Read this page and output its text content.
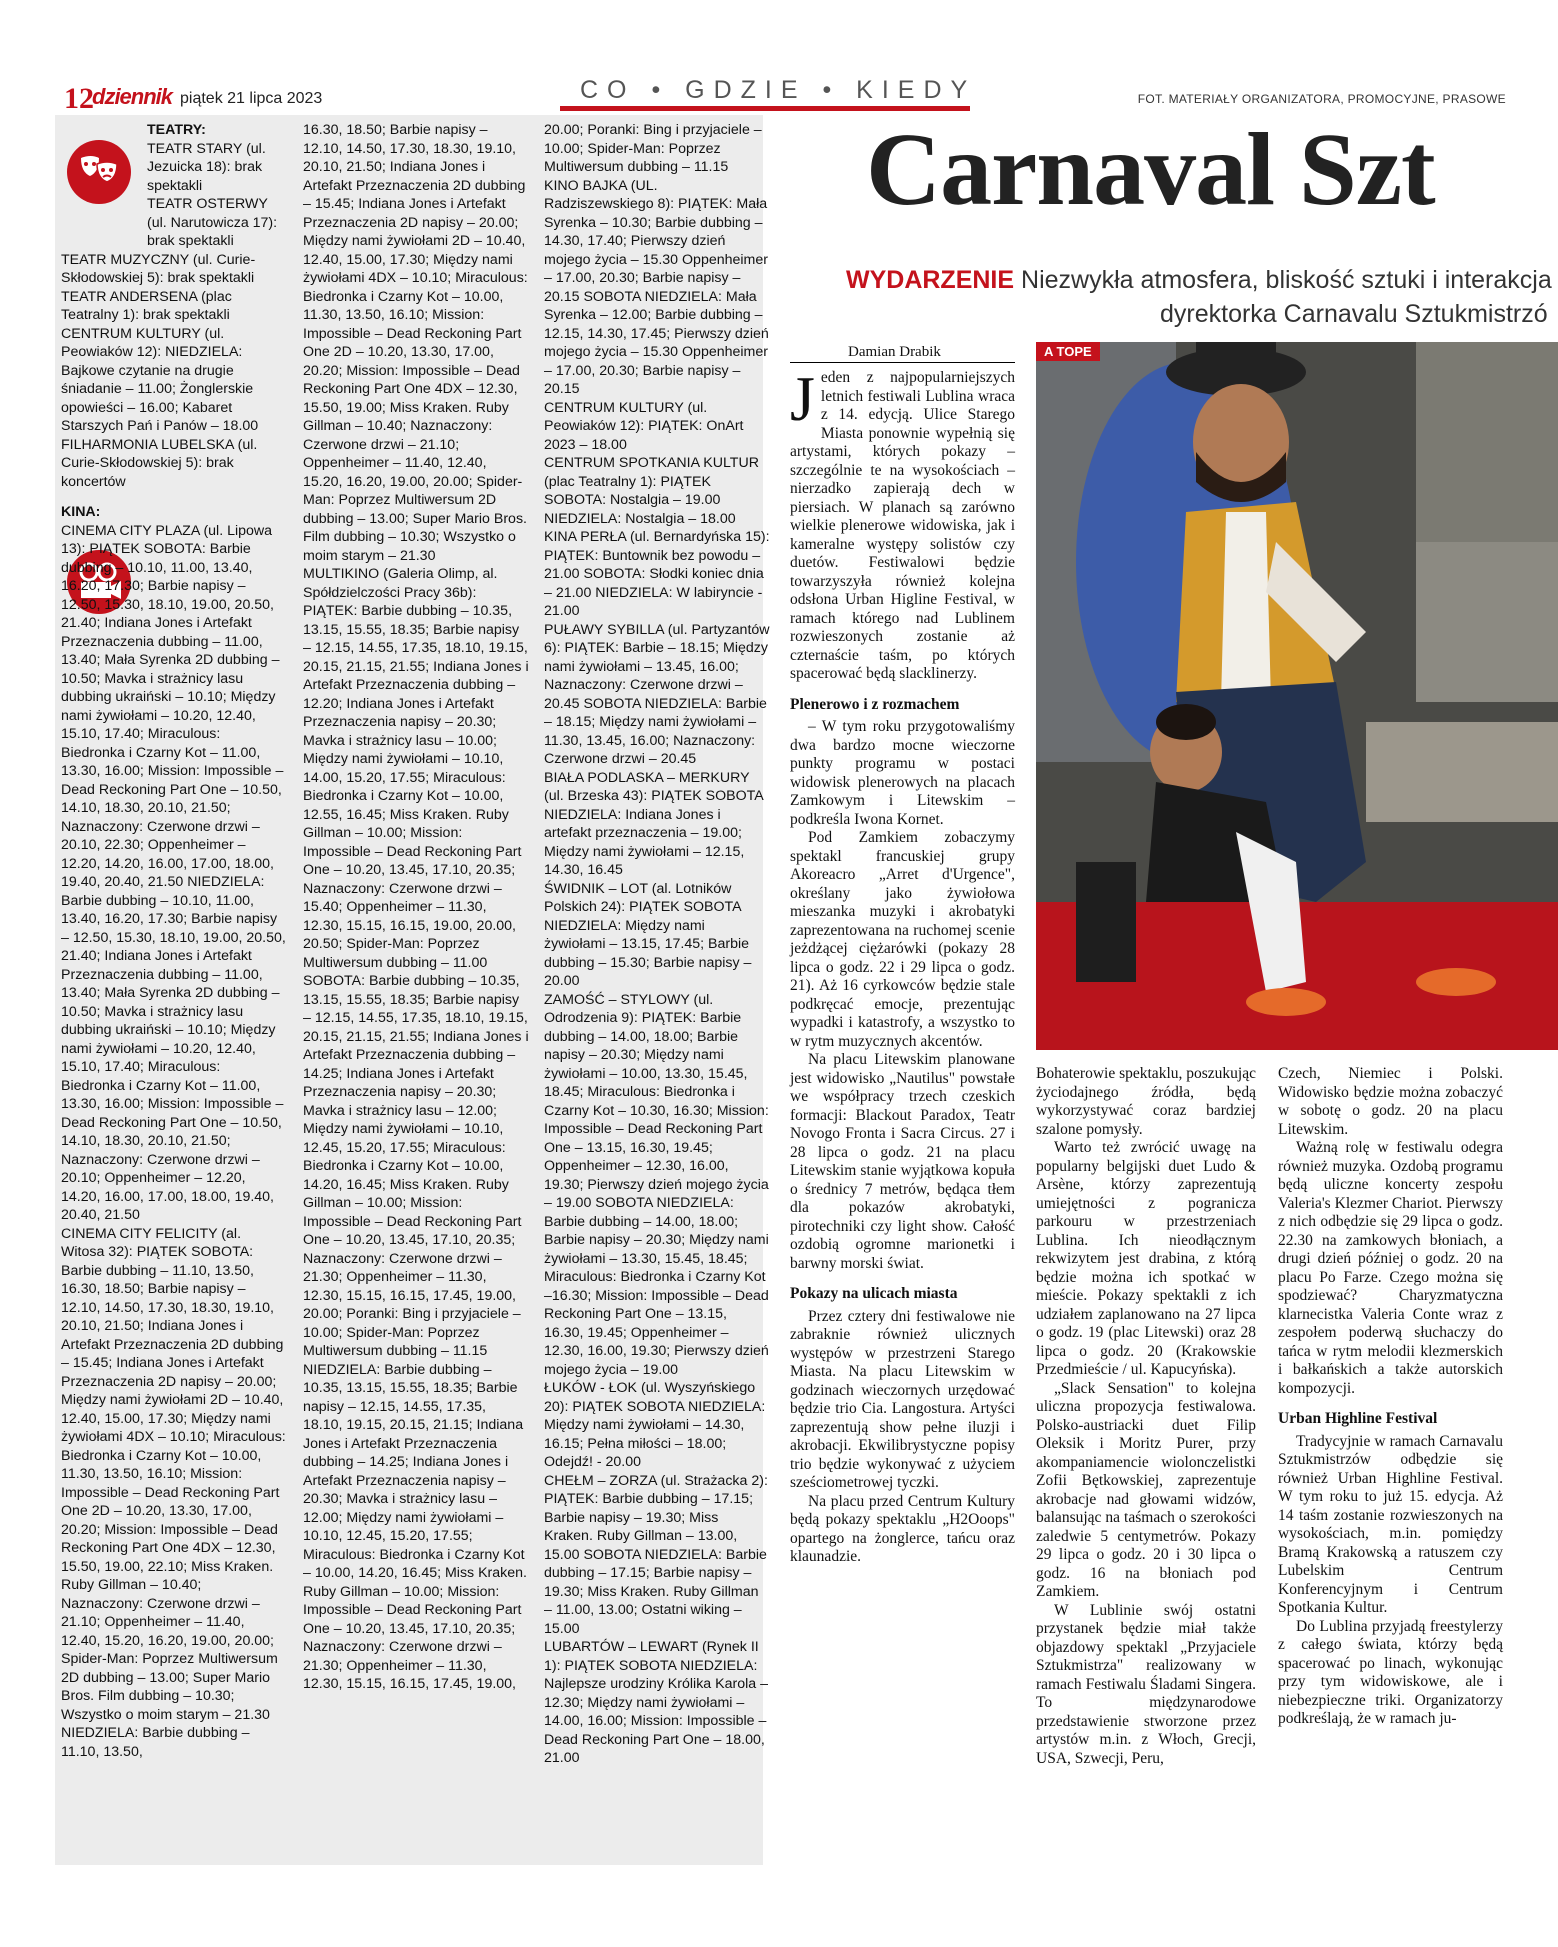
12
dziennik piątek 21 lipca 2023	CO • GDZIE • KIEDY	FOT. MATERIAŁY ORGANIZATORA, PROMOCYJNE, PRASOWE

TEATRY:

TEATR STARY (ul. Jezuicka 18): brak spektakli

TEATR OSTERWY (ul. Narutowicza 17): brak spektakli

TEATR MUZYCZNY (ul. Curie-Skłodowskiej 5): brak spektakli

TEATR ANDERSENA (plac Teatralny 1): brak spektakli

CENTRUM KULTURY (ul. Peowiaków 12): NIEDZIELA: Bajkowe czytanie na drugie śniadanie – 11.00; Żonglerskie opowieści – 16.00; Kabaret Starszych Pań i Panów – 18.00

FILHARMONIA LUBELSKA (ul. Curie-Skłodowskiej 5): brak koncertów

KINA:

CINEMA CITY PLAZA (ul. Lipowa 13): PIĄTEK SOBOTA: Barbie dubbing – 10.10, 11.00, 13.40, 16.20, 17.30; Barbie napisy – 12.50, 15.30, 18.10, 19.00, 20.50, 21.40; Indiana Jones i Artefakt Przeznaczenia dubbing – 11.00, 13.40; Mała Syrenka 2D dubbing – 10.50; Mavka i strażnicy lasu dubbing ukraiński – 10.10; Między nami żywiołami – 10.20, 12.40, 15.10, 17.40; Miraculous: Biedronka i Czarny Kot – 11.00, 13.30, 16.00; Mission: Impossible – Dead Reckoning Part One – 10.50, 14.10, 18.30, 20.10, 21.50; Naznaczony: Czerwone drzwi – 20.10, 22.30; Oppenheimer – 12.20, 14.20, 16.00, 17.00, 18.00, 19.40, 20.40, 21.50 NIEDZIELA: Barbie dubbing – 10.10, 11.00, 13.40, 16.20, 17.30; Barbie napisy – 12.50, 15.30, 18.10, 19.00, 20.50, 21.40; Indiana Jones i Artefakt Przeznaczenia dubbing – 11.00, 13.40; Mała Syrenka 2D dubbing – 10.50; Mavka i strażnicy lasu dubbing ukraiński – 10.10; Między nami żywiołami – 10.20, 12.40, 15.10, 17.40; Miraculous: Biedronka i Czarny Kot – 11.00, 13.30, 16.00; Mission: Impossible – Dead Reckoning Part One – 10.50, 14.10, 18.30, 20.10, 21.50; Naznaczony: Czerwone drzwi – 20.10; Oppenheimer – 12.20, 14.20, 16.00, 17.00, 18.00, 19.40, 20.40, 21.50

CINEMA CITY FELICITY (al. Witosa 32): PIĄTEK SOBOTA: Barbie dubbing – 11.10, 13.50, 16.30, 18.50; Barbie napisy – 12.10, 14.50, 17.30, 18.30, 19.10, 20.10, 21.50; Indiana Jones i Artefakt Przeznaczenia 2D dubbing – 15.45; Indiana Jones i Artefakt Przeznaczenia 2D napisy – 20.00; Między nami żywiołami 2D – 10.40, 12.40, 15.00, 17.30; Między nami żywiołami 4DX – 10.10; Miraculous: Biedronka i Czarny Kot – 10.00, 11.30, 13.50, 16.10; Mission: Impossible – Dead Reckoning Part One 2D – 10.20, 13.30, 17.00, 20.20; Mission: Impossible – Dead Reckoning Part One 4DX – 12.30, 15.50, 19.00, 22.10; Miss Kraken. Ruby Gillman – 10.40; Naznaczony: Czerwone drzwi – 21.10; Oppenheimer – 11.40, 12.40, 15.20, 16.20, 19.00, 20.00; Spider-Man: Poprzez Multiwersum 2D dubbing – 13.00; Super Mario Bros. Film dubbing – 10.30; Wszystko o moim starym – 21.30 NIEDZIELA: Barbie dubbing – 11.10, 13.50,

16.30, 18.50; Barbie napisy – 12.10, 14.50, 17.30, 18.30, 19.10, 20.10, 21.50; Indiana Jones i Artefakt Przeznaczenia 2D dubbing – 15.45; Indiana Jones i Artefakt Przeznaczenia 2D napisy – 20.00; Między nami żywiołami 2D – 10.40, 12.40, 15.00, 17.30; Między nami żywiołami 4DX – 10.10; Miraculous: Biedronka i Czarny Kot – 10.00, 11.30, 13.50, 16.10; Mission: Impossible – Dead Reckoning Part One 2D – 10.20, 13.30, 17.00, 20.20; Mission: Impossible – Dead Reckoning Part One 4DX – 12.30, 15.50, 19.00; Miss Kraken. Ruby Gillman – 10.40; Naznaczony: Czerwone drzwi – 21.10; Oppenheimer – 11.40, 12.40, 15.20, 16.20, 19.00, 20.00; Spider-Man: Poprzez Multiwersum 2D dubbing – 13.00; Super Mario Bros. Film dubbing – 10.30; Wszystko o moim starym – 21.30

MULTIKINO (Galeria Olimp, al. Spółdzielczości Pracy 36b): PIĄTEK: Barbie dubbing – 10.35, 13.15, 15.55, 18.35; Barbie napisy – 12.15, 14.55, 17.35, 18.10, 19.15, 20.15, 21.15, 21.55; Indiana Jones i Artefakt Przeznaczenia dubbing – 12.20; Indiana Jones i Artefakt Przeznaczenia napisy – 20.30; Mavka i strażnicy lasu – 10.00; Między nami żywiołami – 10.10, 14.00, 15.20, 17.55; Miraculous: Biedronka i Czarny Kot – 10.00, 12.55, 16.45; Miss Kraken. Ruby Gillman – 10.00; Mission: Impossible – Dead Reckoning Part One – 10.20, 13.45, 17.10, 20.35; Naznaczony: Czerwone drzwi – 15.40; Oppenheimer – 11.30, 12.30, 15.15, 16.15, 19.00, 20.00, 20.50; Spider-Man: Poprzez Multiwersum dubbing – 11.00 SOBOTA: Barbie dubbing – 10.35, 13.15, 15.55, 18.35; Barbie napisy – 12.15, 14.55, 17.35, 18.10, 19.15, 20.15, 21.15, 21.55; Indiana Jones i Artefakt Przeznaczenia dubbing – 14.25; Indiana Jones i Artefakt Przeznaczenia napisy – 20.30; Mavka i strażnicy lasu – 12.00; Między nami żywiołami – 10.10, 12.45, 15.20, 17.55; Miraculous: Biedronka i Czarny Kot – 10.00, 14.20, 16.45; Miss Kraken. Ruby Gillman – 10.00; Mission: Impossible – Dead Reckoning Part One – 10.20, 13.45, 17.10, 20.35; Naznaczony: Czerwone drzwi – 21.30; Oppenheimer – 11.30, 12.30, 15.15, 16.15, 17.45, 19.00, 20.00; Poranki: Bing i przyjaciele – 10.00; Spider-Man: Poprzez Multiwersum dubbing – 11.15 NIEDZIELA: Barbie dubbing – 10.35, 13.15, 15.55, 18.35; Barbie napisy – 12.15, 14.55, 17.35, 18.10, 19.15, 20.15, 21.15; Indiana Jones i Artefakt Przeznaczenia dubbing – 14.25; Indiana Jones i Artefakt Przeznaczenia napisy – 20.30; Mavka i strażnicy lasu – 12.00; Między nami żywiołami – 10.10, 12.45, 15.20, 17.55; Miraculous: Biedronka i Czarny Kot – 10.00, 14.20, 16.45; Miss Kraken. Ruby Gillman – 10.00; Mission: Impossible – Dead Reckoning Part One – 10.20, 13.45, 17.10, 20.35; Naznaczony: Czerwone drzwi – 21.30; Oppenheimer – 11.30, 12.30, 15.15, 16.15, 17.45, 19.00,

20.00; Poranki: Bing i przyjaciele – 10.00; Spider-Man: Poprzez Multiwersum dubbing – 11.15

KINO BAJKA (UL. Radziszewskiego 8): PIĄTEK: Mała Syrenka – 10.30; Barbie dubbing – 14.30, 17.40; Pierwszy dzień mojego życia – 15.30 Oppenheimer – 17.00, 20.30; Barbie napisy – 20.15 SOBOTA NIEDZIELA: Mała Syrenka – 12.00; Barbie dubbing – 12.15, 14.30, 17.45; Pierwszy dzień mojego życia – 15.30 Oppenheimer – 17.00, 20.30; Barbie napisy – 20.15

CENTRUM KULTURY (ul. Peowiaków 12): PIĄTEK: OnArt 2023 – 18.00

CENTRUM SPOTKANIA KULTUR (plac Teatralny 1): PIĄTEK SOBOTA: Nostalgia – 19.00 NIEDZIELA: Nostalgia – 18.00

KINA PERŁA (ul. Bernardyńska 15): PIĄTEK: Buntownik bez powodu – 21.00 SOBOTA: Słodki koniec dnia – 21.00 NIEDZIELA: W labiryncie - 21.00

PUŁAWY SYBILLA (ul. Partyzantów 6): PIĄTEK: Barbie – 18.15; Między nami żywiołami – 13.45, 16.00; Naznaczony: Czerwone drzwi – 20.45 SOBOTA NIEDZIELA: Barbie – 18.15; Między nami żywiołami – 11.30, 13.45, 16.00; Naznaczony: Czerwone drzwi – 20.45

BIAŁA PODLASKA – MERKURY (ul. Brzeska 43): PIĄTEK SOBOTA NIEDZIELA: Indiana Jones i artefakt przeznaczenia – 19.00; Między nami żywiołami – 12.15, 14.30, 16.45

ŚWIDNIK – LOT (al. Lotników Polskich 24): PIĄTEK SOBOTA NIEDZIELA: Między nami żywiołami – 13.15, 17.45; Barbie dubbing – 15.30; Barbie napisy – 20.00

ZAMOŚĆ – STYLOWY (ul. Odrodzenia 9): PIĄTEK: Barbie dubbing – 14.00, 18.00; Barbie napisy – 20.30; Między nami żywiołami – 10.00, 13.30, 15.45, 18.45; Miraculous: Biedronka i Czarny Kot – 10.30, 16.30; Mission: Impossible – Dead Reckoning Part One – 13.15, 16.30, 19.45; Oppenheimer – 12.30, 16.00, 19.30; Pierwszy dzień mojego życia – 19.00 SOBOTA NIEDZIELA: Barbie dubbing – 14.00, 18.00; Barbie napisy – 20.30; Między nami żywiołami – 13.30, 15.45, 18.45; Miraculous: Biedronka i Czarny Kot –16.30; Mission: Impossible – Dead Reckoning Part One – 13.15, 16.30, 19.45; Oppenheimer – 12.30, 16.00, 19.30; Pierwszy dzień mojego życia – 19.00

ŁUKÓW - ŁOK (ul. Wyszyńskiego 20): PIĄTEK SOBOTA NIEDZIELA: Między nami żywiołami – 14.30, 16.15; Pełna miłości – 18.00; Odejdź! - 20.00

CHEŁM – ZORZA (ul. Strażacka 2): PIĄTEK: Barbie dubbing – 17.15; Barbie napisy – 19.30; Miss Kraken. Ruby Gillman – 13.00, 15.00 SOBOTA NIEDZIELA: Barbie dubbing – 17.15; Barbie napisy – 19.30; Miss Kraken. Ruby Gillman – 11.00, 13.00; Ostatni wiking – 15.00

LUBARTÓW – LEWART (Rynek II 1): PIĄTEK SOBOTA NIEDZIELA: Najlepsze urodziny Królika Karola – 12.30; Między nami żywiołami – 14.00, 16.00; Mission: Impossible – Dead Reckoning Part One – 18.00, 21.00

Carnaval Szt
WYDARZENIE Niezwykła atmosfera, bliskość sztuki i interakcja
dyrektorka Carnavalu Sztukmistrzó
Damian Drabik

Jeden z najpopularniejszych letnich festiwali Lublina wraca z 14. edycją. Ulice Starego Miasta ponownie wypełnią się artystami, których pokazy – szczególnie te na wysokościach – nierzadko zapierają dech w piersiach. W planach są zarówno wielkie plenerowe widowiska, jak i kameralne występy solistów czy duetów. Festiwalowi będzie towarzyszyła również kolejna odsłona Urban Higline Festival, w ramach którego nad Lublinem rozwieszonych zostanie aż czternaście taśm, po których spacerować będą slacklinerzy.

Plenerowo i z rozmachem

– W tym roku przygotowaliśmy dwa bardzo mocne wieczorne punkty programu w postaci widowisk plenerowych na placach Zamkowym i Litewskim – podkreśla Iwona Kornet.

Pod Zamkiem zobaczymy spektakl francuskiej grupy Akoreacro „Arret d'Urgence", określany jako żywiołowa mieszanka muzyki i akrobatyki zaprezentowana na ruchomej scenie jeżdżącej ciężarówki (pokazy 28 lipca o godz. 22 i 29 lipca o godz. 21). Aż 16 cyrkowców będzie stale podkręcać emocje, prezentując wypadki i katastrofy, a wszystko to w rytm muzycznych akcentów.

Na placu Litewskim planowane jest widowisko „Nautilus" powstałe we współpracy trzech czeskich formacji: Blackout Paradox, Teatr Novogo Fronta i Sacra Circus. 27 i 28 lipca o godz. 21 na placu Litewskim stanie wyjątkowa kopuła o średnicy 7 metrów, będąca tłem dla pokazów akrobatyki, pirotechniki czy light show. Całość ozdobią ogromne marionetki i barwny morski świat.

Pokazy na ulicach miasta

Przez cztery dni festiwalowe nie zabraknie również ulicznych występów w przestrzeni Starego Miasta. Na placu Litewskim w godzinach wieczornych urzędować będzie trio Cia. Langostura. Artyści zaprezentują show pełne iluzji i akrobacji. Ekwilibrystyczne popisy trio będzie wykonywać z użyciem sześciometrowej tyczki.

Na placu przed Centrum Kultury będą pokazy spektaklu „H2Ooops" opartego na żonglerce, tańcu oraz klaunadzie.

A TOPE

Bohaterowie spektaklu, poszukując życiodajnego źródła, będą wykorzystywać coraz bardziej szalone pomysły.

Warto też zwrócić uwagę na popularny belgijski duet Ludo & Arsène, którzy zaprezentują umiejętności z pogranicza parkouru w przestrzeniach Lublina. Ich nieodłącznym rekwizytem jest drabina, z którą będzie można ich spotkać w mieście. Pokazy spektakli z ich udziałem zaplanowano na 27 lipca o godz. 19 (plac Litewski) oraz 28 lipca o godz. 20 (Krakowskie Przedmieście / ul. Kapucyńska).

„Slack Sensation" to kolejna uliczna propozycja festiwalowa. Polsko-austriacki duet Filip Oleksik i Moritz Purer, przy akompaniamencie wiolonczelistki Zofii Bętkowskiej, zaprezentuje akrobacje nad głowami widzów, balansując na taśmach o szerokości zaledwie 5 centymetrów. Pokazy 29 lipca o godz. 20 i 30 lipca o godz. 16 na błoniach pod Zamkiem.

W Lublinie swój ostatni przystanek będzie miał także objazdowy spektakl „Przyjaciele Sztukmistrza" realizowany w ramach Festiwalu Śladami Singera. To międzynarodowe przedstawienie stworzone przez artystów m.in. z Włoch, Grecji, USA, Szwecji, Peru,

Czech, Niemiec i Polski. Widowisko będzie można zobaczyć w sobotę o godz. 20 na placu Litewskim.

Ważną rolę w festiwalu odegra również muzyka. Ozdobą programu będą uliczne koncerty zespołu Valeria's Klezmer Chariot. Pierwszy z nich odbędzie się 29 lipca o godz. 22.30 na zamkowych błoniach, a drugi dzień później o godz. 20 na placu Po Farze. Czego można się spodziewać? Charyzmatyczna klarnecistka Valeria Conte wraz z zespołem poderwą słuchaczy do tańca w rytm melodii klezmerskich i bałkańskich a także autorskich kompozycji.

Urban Highline Festival

Tradycyjnie w ramach Carnavalu Sztukmistrzów odbędzie się również Urban Highline Festival. W tym roku to już 15. edycja. Aż 14 taśm zostanie rozwieszonych na wysokościach, m.in. pomiędzy Bramą Krakowską a ratuszem czy Lubelskim Centrum Konferencyjnym i Centrum Spotkania Kultur.

Do Lublina przyjadą freestylerzy z całego świata, którzy będą spacerować po linach, wykonując przy tym widowiskowe, ale i niebezpieczne triki. Organizatorzy podkreślają, że w ramach ju-
